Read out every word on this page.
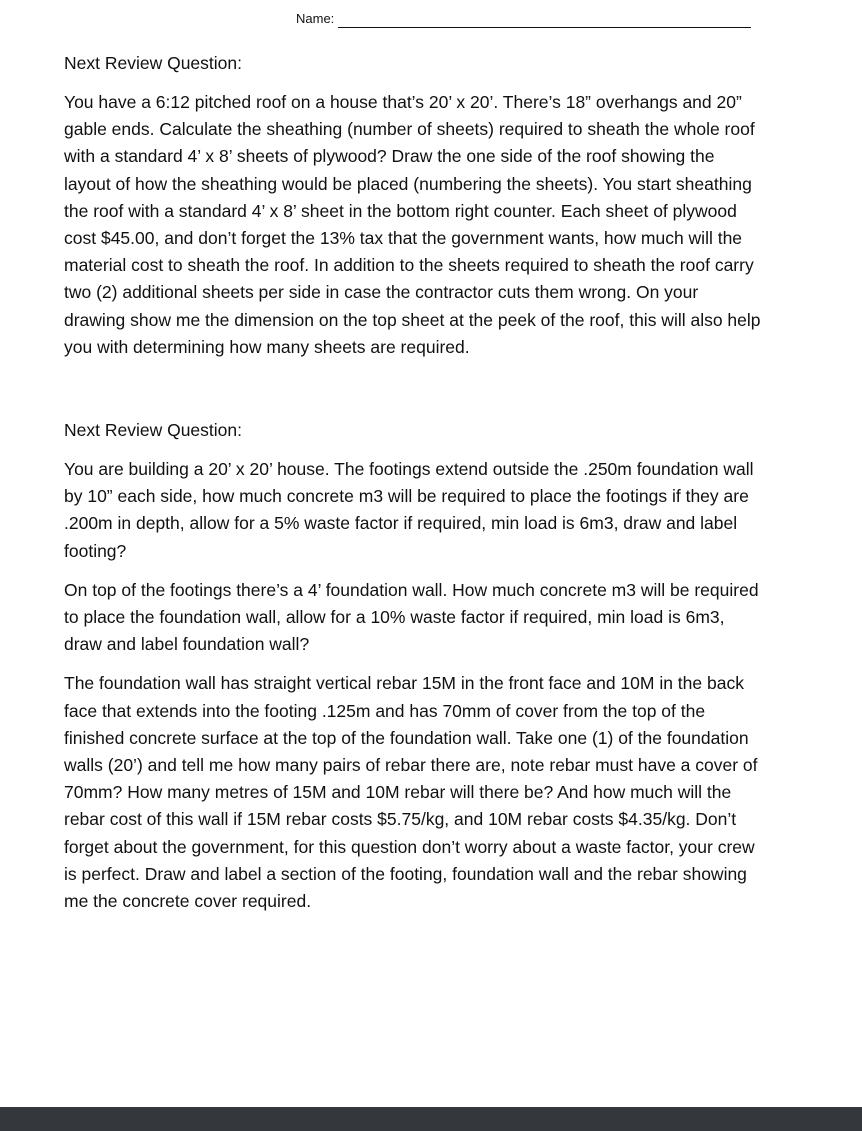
Name:

Next Review Question:

You have a 6:12 pitched roof on a house that’s 20’ x 20’. There’s 18” overhangs and 20” gable ends. Calculate the sheathing (number of sheets) required to sheath the whole roof with a standard 4’ x 8’ sheets of plywood? Draw the one side of the roof showing the layout of how the sheathing would be placed (numbering the sheets). You start sheathing the roof with a standard 4’ x 8’ sheet in the bottom right counter. Each sheet of plywood cost $45.00, and don’t forget the 13% tax that the government wants, how much will the material cost to sheath the roof. In addition to the sheets required to sheath the roof carry two (2) additional sheets per side in case the contractor cuts them wrong. On your drawing show me the dimension on the top sheet at the peek of the roof, this will also help you with determining how many sheets are required.

Next Review Question:

You are building a 20’ x 20’ house. The footings extend outside the .250m foundation wall by 10” each side, how much concrete m3 will be required to place the footings if they are .200m in depth, allow for a 5% waste factor if required, min load is 6m3, draw and label footing?

On top of the footings there’s a 4’ foundation wall. How much concrete m3 will be required to place the foundation wall, allow for a 10% waste factor if required, min load is 6m3, draw and label foundation wall?

The foundation wall has straight vertical rebar 15M in the front face and 10M in the back face that extends into the footing .125m and has 70mm of cover from the top of the finished concrete surface at the top of the foundation wall. Take one (1) of the foundation walls (20’) and tell me how many pairs of rebar there are, note rebar must have a cover of 70mm? How many metres of 15M and 10M rebar will there be? And how much will the rebar cost of this wall if 15M rebar costs $5.75/kg, and 10M rebar costs $4.35/kg. Don’t forget about the government, for this question don’t worry about a waste factor, your crew is perfect. Draw and label a section of the footing, foundation wall and the rebar showing me the concrete cover required.
